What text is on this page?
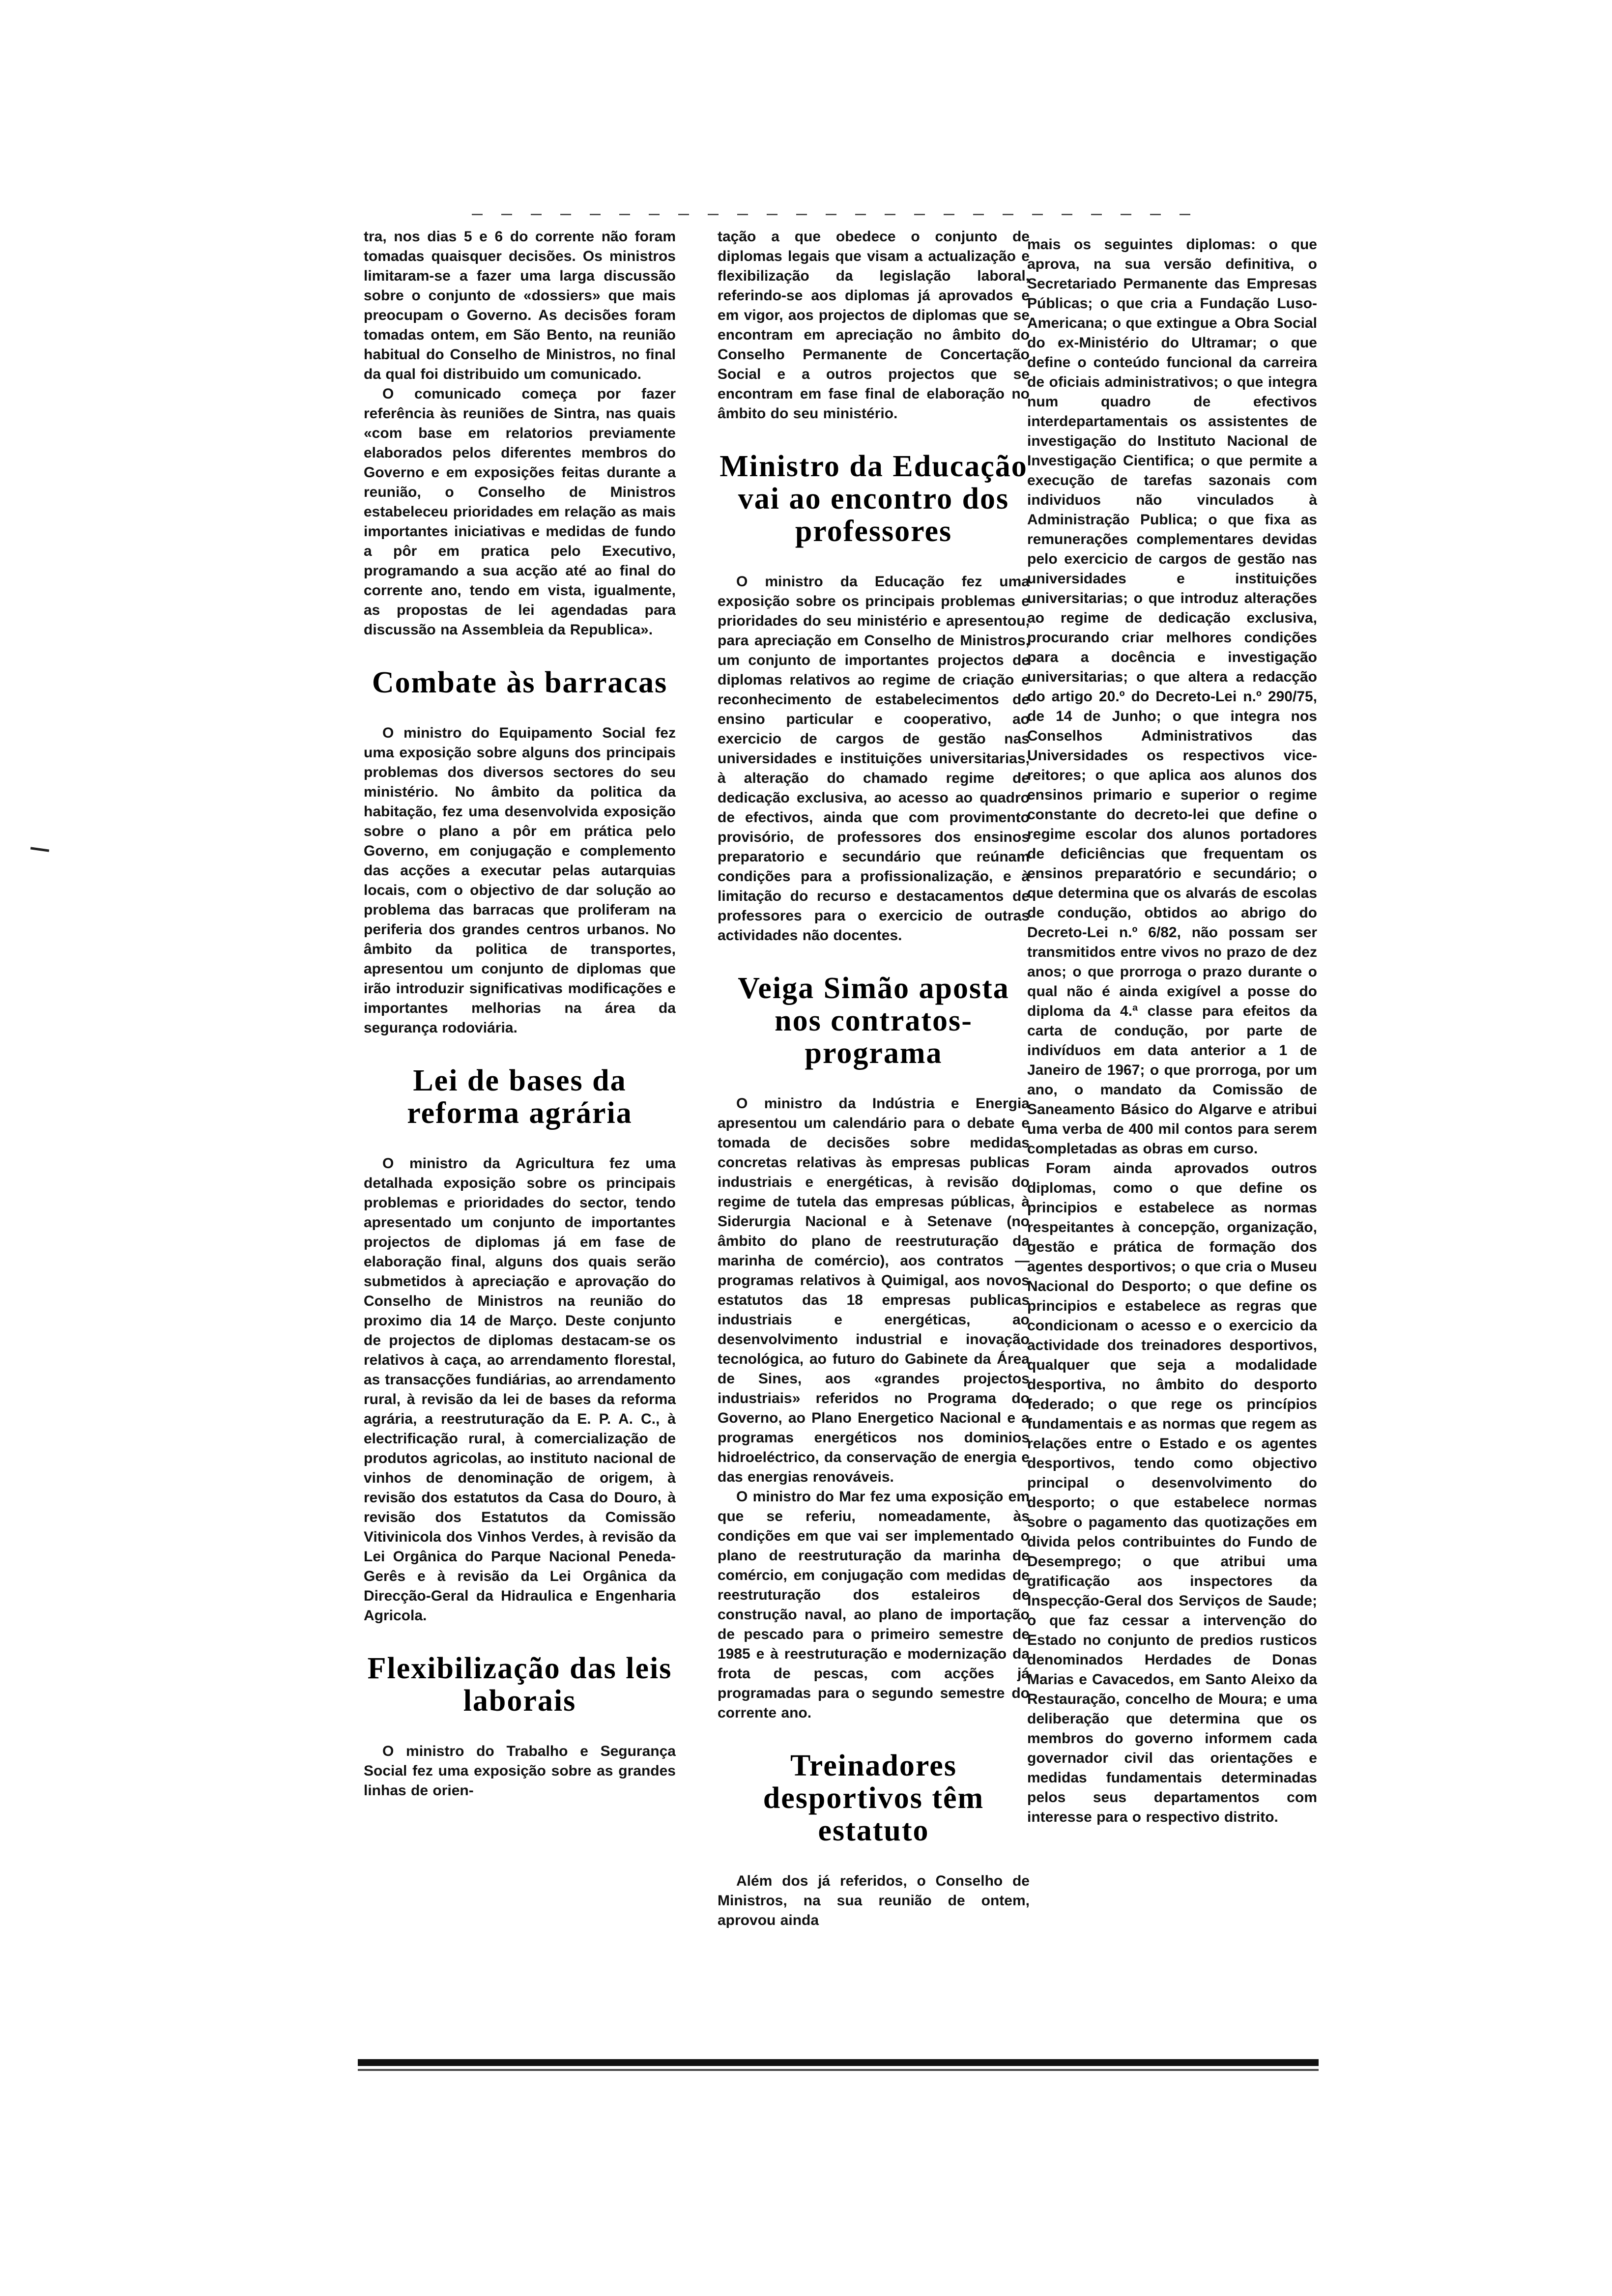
tra, nos dias 5 e 6 do corrente não foram tomadas quaisquer decisões. Os ministros limitaram-se a fazer uma larga discussão sobre o conjunto de «dossiers» que mais preocupam o Governo. As decisões foram tomadas ontem, em São Bento, na reunião habitual do Conselho de Ministros, no final da qual foi distribuido um comunicado.

O comunicado começa por fazer referência às reuniões de Sintra, nas quais «com base em relatorios previamente elaborados pelos diferentes membros do Governo e em exposições feitas durante a reunião, o Conselho de Ministros estabeleceu prioridades em relação as mais importantes iniciativas e medidas de fundo a pôr em pratica pelo Executivo, programando a sua acção até ao final do corrente ano, tendo em vista, igualmente, as propostas de lei agendadas para discussão na Assembleia da Republica».

Combate às barracas

O ministro do Equipamento Social fez uma exposição sobre alguns dos principais problemas dos diversos sectores do seu ministério. No âmbito da politica da habitação, fez uma desenvolvida exposição sobre o plano a pôr em prática pelo Governo, em conjugação e complemento das acções a executar pelas autarquias locais, com o objectivo de dar solução ao problema das barracas que proliferam na periferia dos grandes centros urbanos. No âmbito da politica de transportes, apresentou um conjunto de diplomas que irão introduzir significativas modificações e importantes melhorias na área da segurança rodoviária.

Lei de bases da reforma agrária

O ministro da Agricultura fez uma detalhada exposição sobre os principais problemas e prioridades do sector, tendo apresentado um conjunto de importantes projectos de diplomas já em fase de elaboração final, alguns dos quais serão submetidos à apreciação e aprovação do Conselho de Ministros na reunião do proximo dia 14 de Março. Deste conjunto de projectos de diplomas destacam-se os relativos à caça, ao arrendamento florestal, as transacções fundiárias, ao arrendamento rural, à revisão da lei de bases da reforma agrária, a reestruturação da E. P. A. C., à electrificação rural, à comercialização de produtos agricolas, ao instituto nacional de vinhos de denominação de origem, à revisão dos estatutos da Casa do Douro, à revisão dos Estatutos da Comissão Vitivinicola dos Vinhos Verdes, à revisão da Lei Orgânica do Parque Nacional Peneda-Gerês e à revisão da Lei Orgânica da Direcção-Geral da Hidraulica e Engenharia Agricola.

Flexibilização das leis laborais

O ministro do Trabalho e Segurança Social fez uma exposição sobre as grandes linhas de orien-

tação a que obedece o conjunto de diplomas legais que visam a actualização e flexibilização da legislação laboral, referindo-se aos diplomas já aprovados e em vigor, aos projectos de diplomas que se encontram em apreciação no âmbito do Conselho Permanente de Concertação Social e a outros projectos que se encontram em fase final de elaboração no âmbito do seu ministério.

Ministro da Educação vai ao encontro dos professores

O ministro da Educação fez uma exposição sobre os principais problemas e prioridades do seu ministério e apresentou, para apreciação em Conselho de Ministros, um conjunto de importantes projectos de diplomas relativos ao regime de criação e reconhecimento de estabelecimentos de ensino particular e cooperativo, ao exercicio de cargos de gestão nas universidades e instituições universitarias, à alteração do chamado regime de dedicação exclusiva, ao acesso ao quadro de efectivos, ainda que com provimento provisório, de professores dos ensinos preparatorio e secundário que reúnam condições para a profissionalização, e à limitação do recurso e destacamentos de professores para o exercicio de outras actividades não docentes.

Veiga Simão aposta nos contratos-programa

O ministro da Indústria e Energia apresentou um calendário para o debate e tomada de decisões sobre medidas concretas relativas às empresas publicas industriais e energéticas, à revisão do regime de tutela das empresas públicas, à Siderurgia Nacional e à Setenave (no âmbito do plano de reestruturação da marinha de comércio), aos contratos — programas relativos à Quimigal, aos novos estatutos das 18 empresas publicas industriais e energéticas, ao desenvolvimento industrial e inovação tecnológica, ao futuro do Gabinete da Área de Sines, aos «grandes projectos industriais» referidos no Programa do Governo, ao Plano Energetico Nacional e a programas energéticos nos dominios hidroeléctrico, da conservação de energia e das energias renováveis.

O ministro do Mar fez uma exposição em que se referiu, nomeadamente, às condições em que vai ser implementado o plano de reestruturação da marinha de comércio, em conjugação com medidas de reestruturação dos estaleiros de construção naval, ao plano de importação de pescado para o primeiro semestre de 1985 e à reestruturação e modernização da frota de pescas, com acções já programadas para o segundo semestre do corrente ano.

Treinadores desportivos têm estatuto

Além dos já referidos, o Conselho de Ministros, na sua reunião de ontem, aprovou ainda

mais os seguintes diplomas: o que aprova, na sua versão definitiva, o Secretariado Permanente das Empresas Públicas; o que cria a Fundação Luso-Americana; o que extingue a Obra Social do ex-Ministério do Ultramar; o que define o conteúdo funcional da carreira de oficiais administrativos; o que integra num quadro de efectivos interdepartamentais os assistentes de investigação do Instituto Nacional de Investigação Cientifica; o que permite a execução de tarefas sazonais com individuos não vinculados à Administração Publica; o que fixa as remunerações complementares devidas pelo exercicio de cargos de gestão nas universidades e instituições universitarias; o que introduz alterações ao regime de dedicação exclusiva, procurando criar melhores condições para a docência e investigação universitarias; o que altera a redacção do artigo 20.º do Decreto-Lei n.º 290/75, de 14 de Junho; o que integra nos Conselhos Administrativos das Universidades os respectivos vice-reitores; o que aplica aos alunos dos ensinos primario e superior o regime constante do decreto-lei que define o regime escolar dos alunos portadores de deficiências que frequentam os ensinos preparatório e secundário; o que determina que os alvarás de escolas de condução, obtidos ao abrigo do Decreto-Lei n.º 6/82, não possam ser transmitidos entre vivos no prazo de dez anos; o que prorroga o prazo durante o qual não é ainda exigível a posse do diploma da 4.ª classe para efeitos da carta de condução, por parte de indivíduos em data anterior a 1 de Janeiro de 1967; o que prorroga, por um ano, o mandato da Comissão de Saneamento Básico do Algarve e atribui uma verba de 400 mil contos para serem completadas as obras em curso.

Foram ainda aprovados outros diplomas, como o que define os principios e estabelece as normas respeitantes à concepção, organização, gestão e prática de formação dos agentes desportivos; o que cria o Museu Nacional do Desporto; o que define os principios e estabelece as regras que condicionam o acesso e o exercicio da actividade dos treinadores desportivos, qualquer que seja a modalidade desportiva, no âmbito do desporto federado; o que rege os princípios fundamentais e as normas que regem as relações entre o Estado e os agentes desportivos, tendo como objectivo principal o desenvolvimento do desporto; o que estabelece normas sobre o pagamento das quotizações em divida pelos contribuintes do Fundo de Desemprego; o que atribui uma gratificação aos inspectores da Inspecção-Geral dos Serviços de Saude; o que faz cessar a intervenção do Estado no conjunto de predios rusticos denominados Herdades de Donas Marias e Cavacedos, em Santo Aleixo da Restauração, concelho de Moura; e uma deliberação que determina que os membros do governo informem cada governador civil das orientações e medidas fundamentais determinadas pelos seus departamentos com interesse para o respectivo distrito.
